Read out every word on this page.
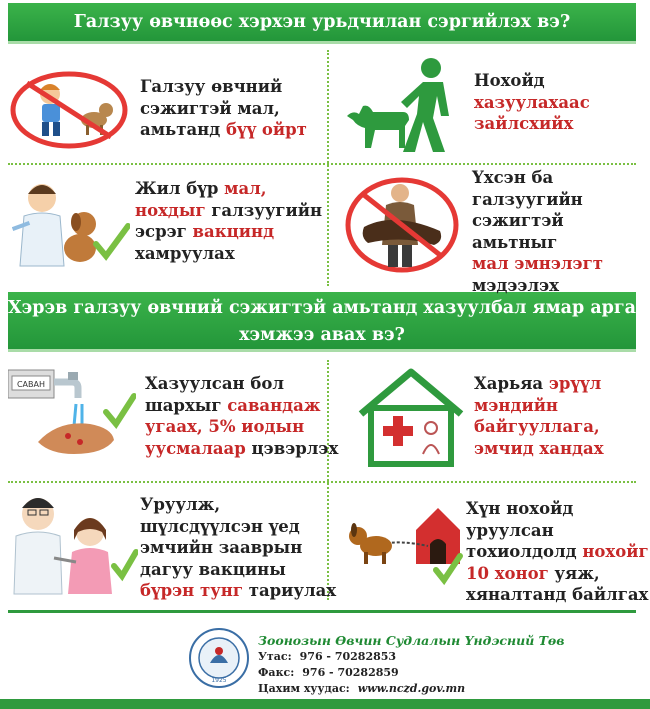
Галзуу өвчнөөс хэрхэн урьдчилан сэргийлэх вэ?
Хэрэв галзуу өвчний сэжигтэй амьтанд хазуулбал ямар арга
хэмжээ авах вэ?
Галзуу өвчний
сэжигтэй мал,
амьтанд бүү ойрт
Нохойд
хазуулахаас
зайлсхийх
Жил бүр мал,
нохдыг галзуугийн
эсрэг вакцинд
хамруулах
Үхсэн ба
галзуугийн
сэжигтэй амьтныг
мал эмнэлэгт
мэдээлэх
САВАН	Хазуулсан бол
шархыг савандаж
угаах, 5% иодын
уусмалаар цэвэрлэх
Харьяа эрүүл
мэндийн
байгууллага,
эмчид хандах
Уруулж,
шүлсдүүлсэн үед
эмчийн зааврын
дагуу вакцины
бүрэн тунг тариулах
Хүн нохойд
уруулсан
тохиолдолд нохойг
10 хоног уяж,
хяналтанд байлгах
1925
Зоонозын Өвчин Судлалын Үндэсний Төв
Утас: 976 - 70282853
Факс: 976 - 70282859
Цахим хуудас: www.nczd.gov.mn
